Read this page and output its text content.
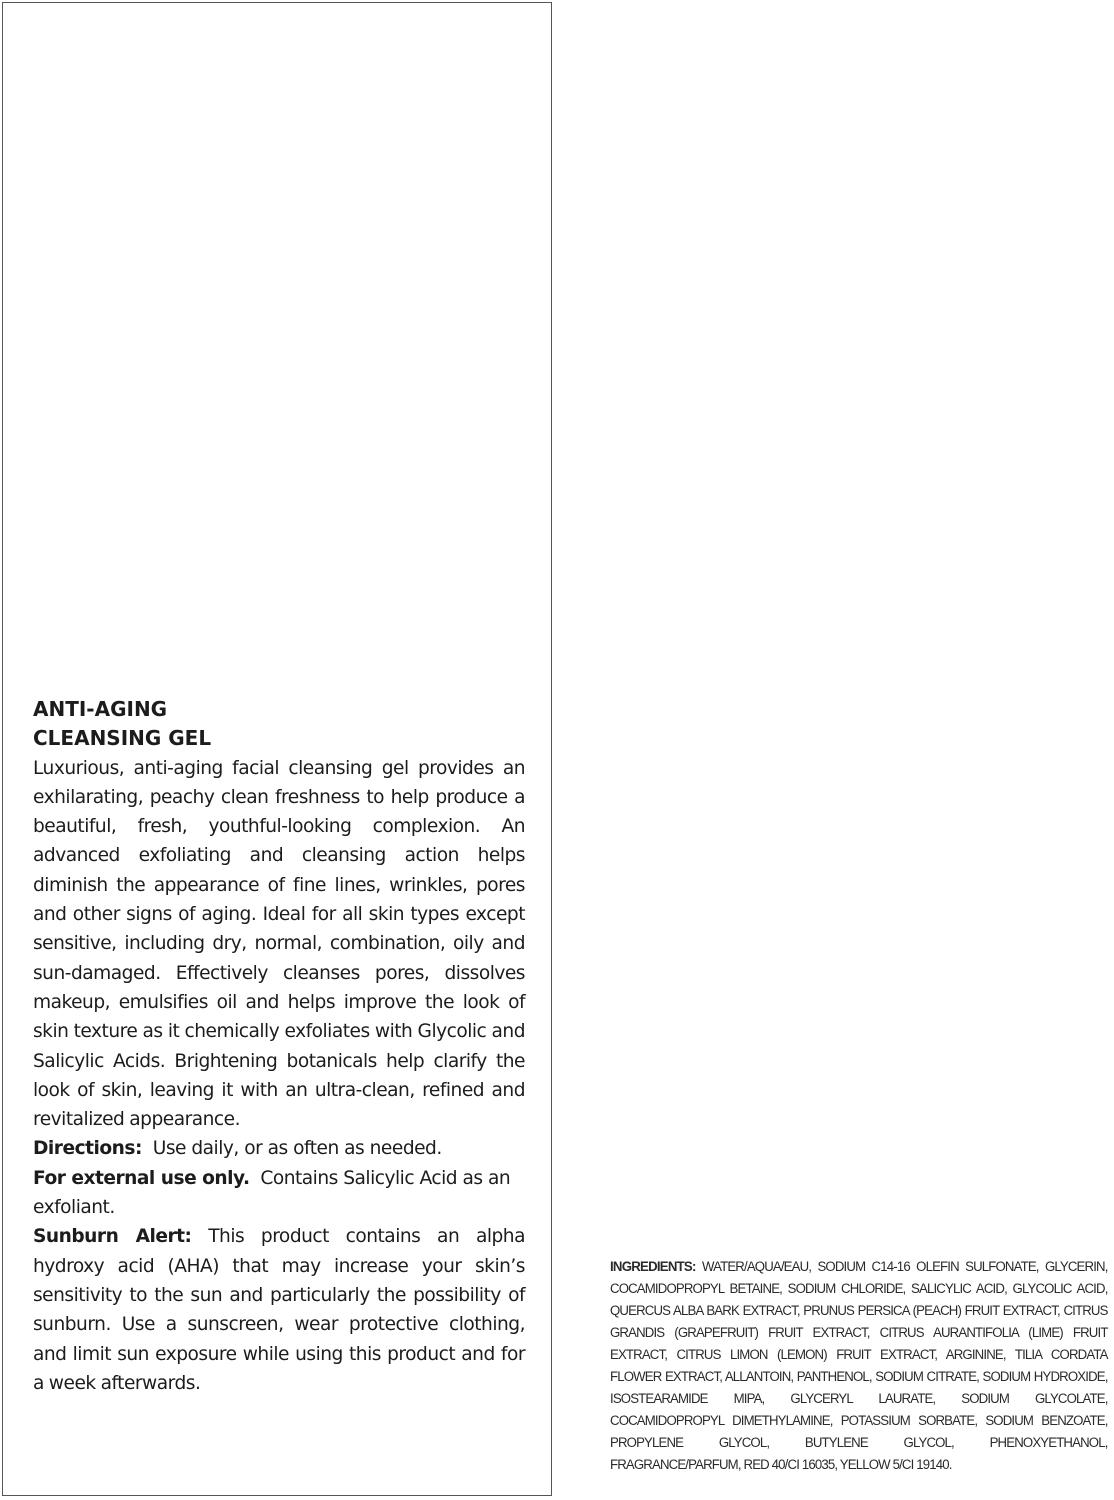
ANTI-AGING
CLEANSING GEL

Luxurious, anti-aging facial cleansing gel provides an exhilarating, peachy clean freshness to help produce a beautiful, fresh, youthful-looking complexion. An advanced exfoliating and cleansing action helps diminish the appearance of fine lines, wrinkles, pores and other signs of aging. Ideal for all skin types except sensitive, including dry, normal, combination, oily and sun-damaged. Effectively cleanses pores, dissolves makeup, emulsifies oil and helps improve the look of skin texture as it chemically exfoliates with Glycolic and Salicylic Acids. Brightening botanicals help clarify the look of skin, leaving it with an ultra-clean, refined and revitalized appearance.

Directions: Use daily, or as often as needed.

For external use only. Contains Salicylic Acid as an exfoliant.

Sunburn Alert: This product contains an alpha hydroxy acid (AHA) that may increase your skin’s sensitivity to the sun and particularly the possibility of sunburn. Use a sunscreen, wear protective clothing, and limit sun exposure while using this product and for a week afterwards.

INGREDIENTS: WATER/AQUA/EAU, SODIUM C14-16 OLEFIN SULFONATE, GLYCERIN, COCAMIDOPROPYL BETAINE, SODIUM CHLORIDE, SALICYLIC ACID, GLYCOLIC ACID, QUERCUS ALBA BARK EXTRACT, PRUNUS PERSICA (PEACH) FRUIT EXTRACT, CITRUS GRANDIS (GRAPEFRUIT) FRUIT EXTRACT, CITRUS AURANTIFOLIA (LIME) FRUIT EXTRACT, CITRUS LIMON (LEMON) FRUIT EXTRACT, ARGININE, TILIA CORDATA FLOWER EXTRACT, ALLANTOIN, PANTHENOL, SODIUM CITRATE, SODIUM HYDROXIDE, ISOSTEARAMIDE MIPA, GLYCERYL LAURATE, SODIUM GLYCOLATE, COCAMIDOPROPYL DIMETHYLAMINE, POTASSIUM SORBATE, SODIUM BENZOATE, PROPYLENE GLYCOL, BUTYLENE GLYCOL, PHENOXYETHANOL, FRAGRANCE/PARFUM, RED 40/CI 16035, YELLOW 5/CI 19140.
